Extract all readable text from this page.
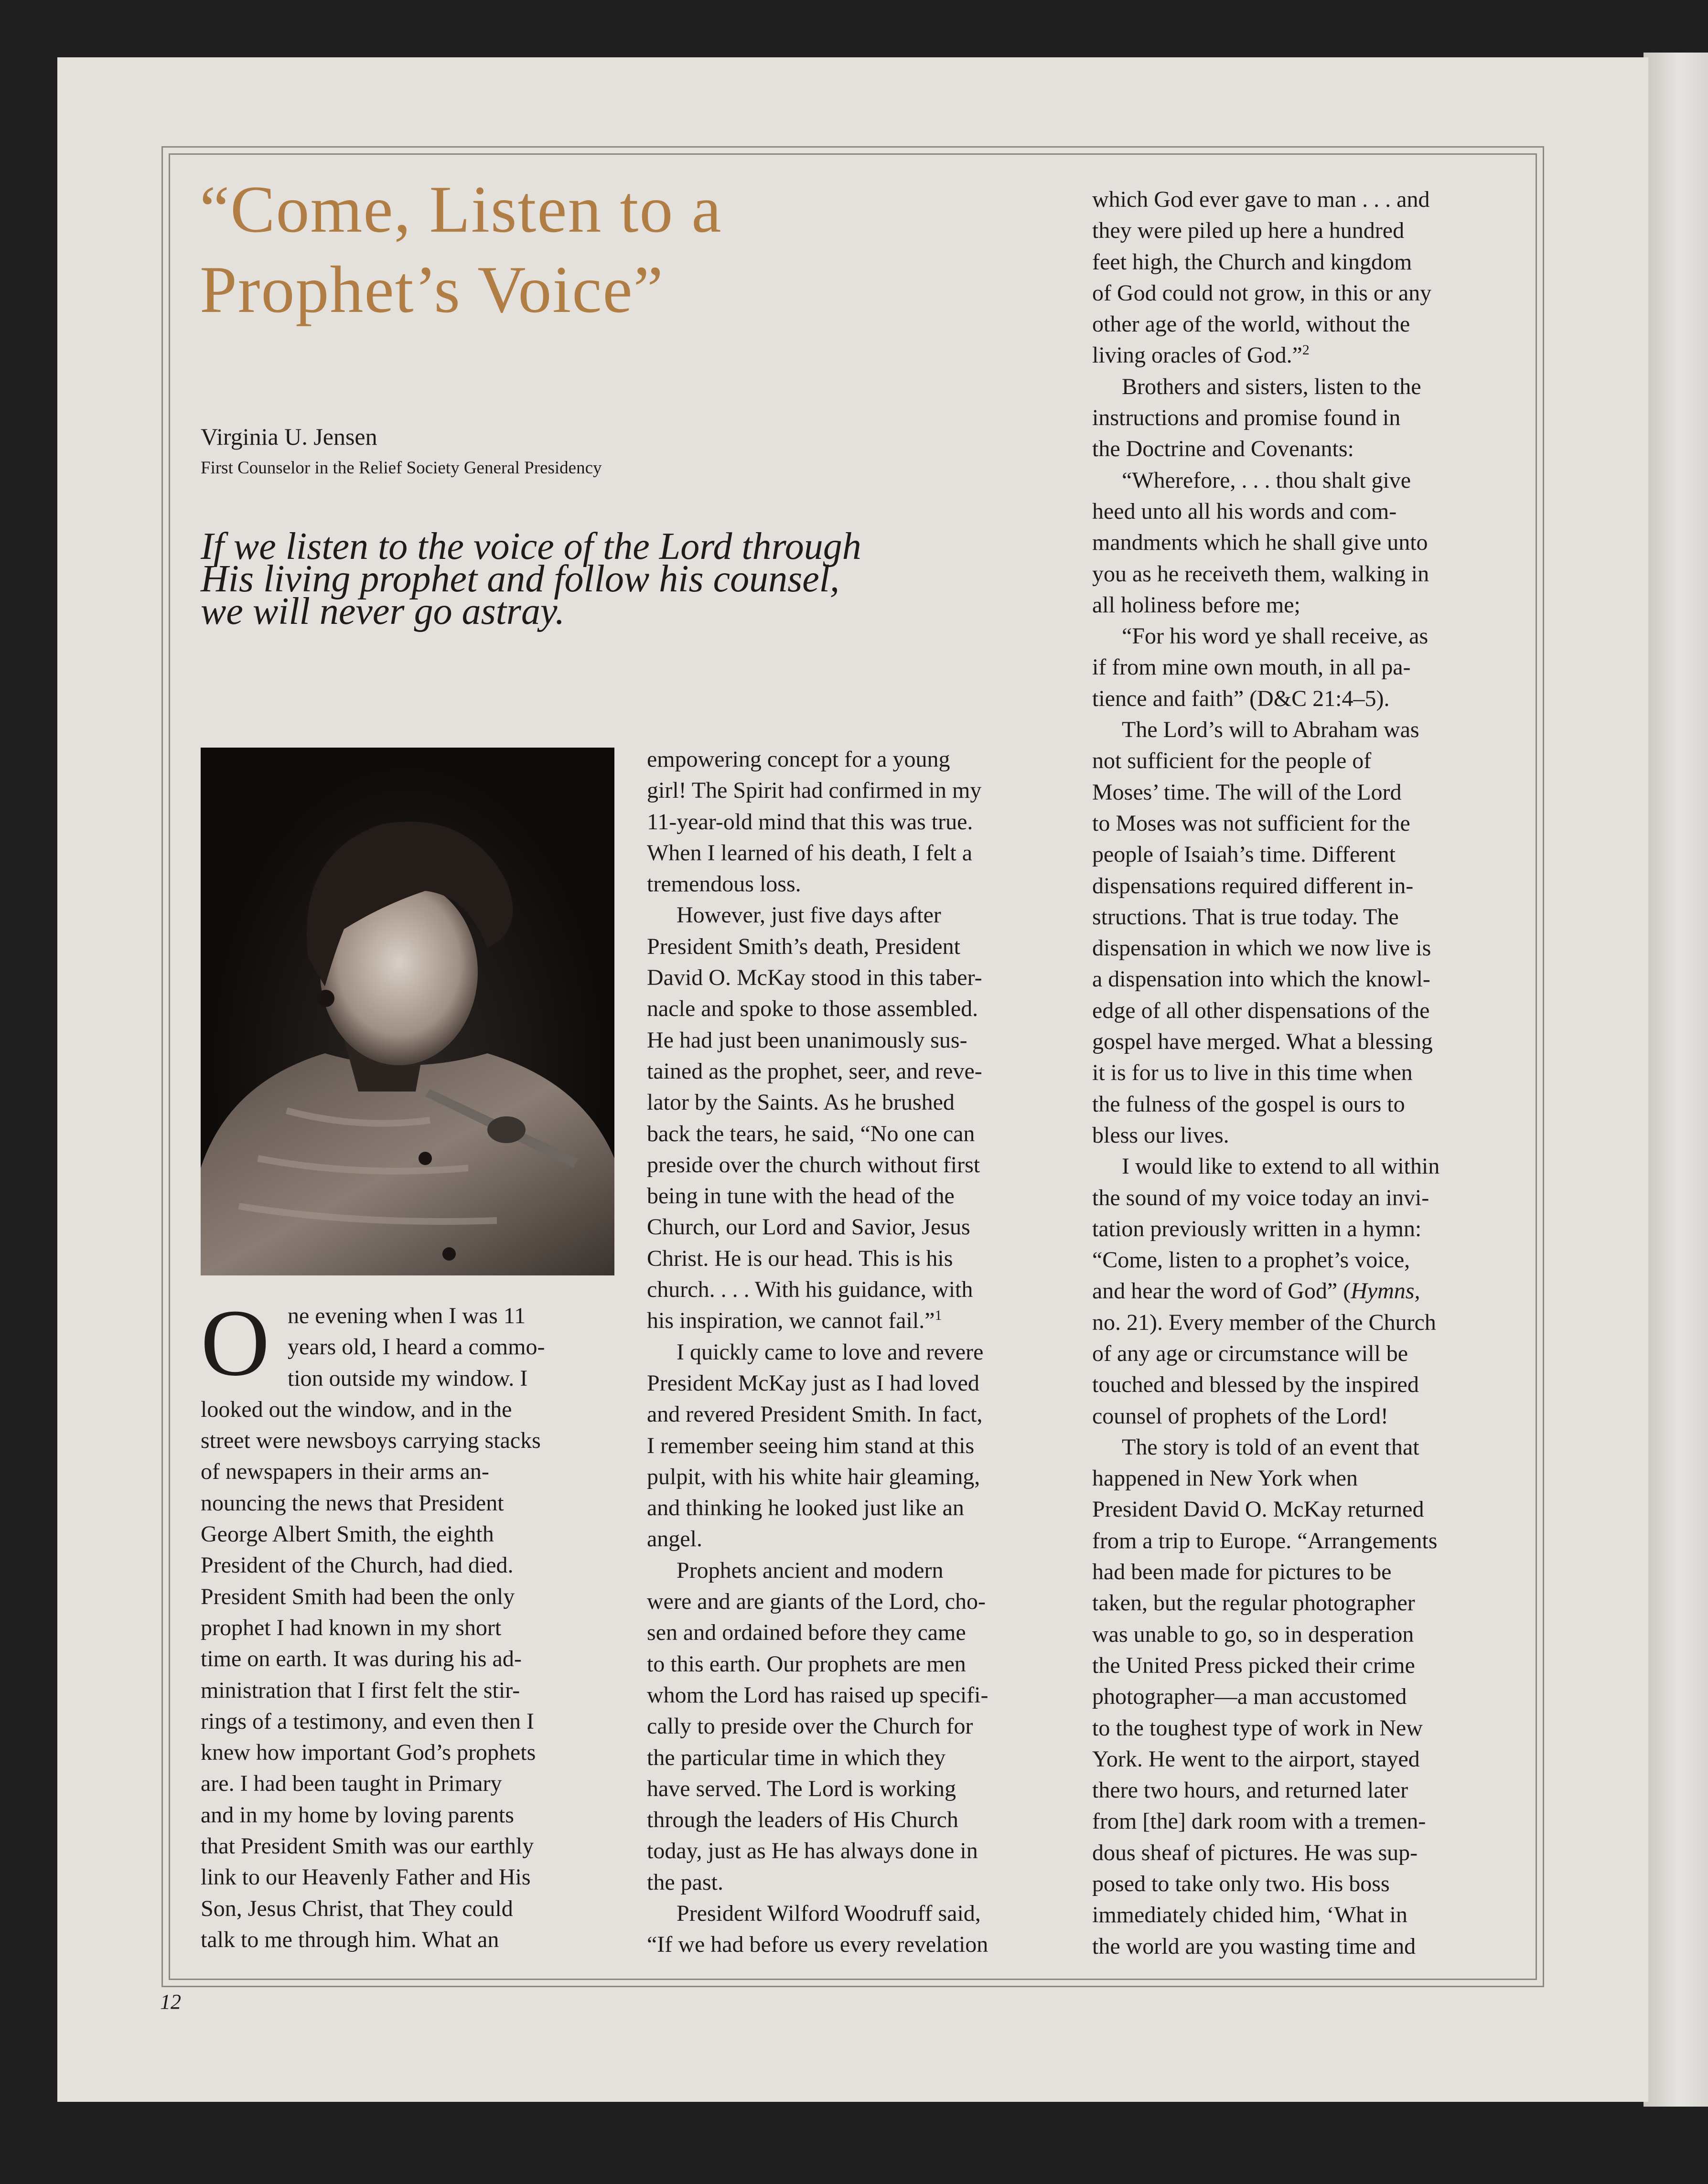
“Come, Listen to a
Prophet’s Voice”
Virginia U. Jensen
First Counselor in the Relief Society General Presidency
If we listen to the voice of the Lord through
His living prophet and follow his counsel,
we will never go astray.
O ne evening when I was 11
years old, I heard a commo-
tion outside my window. I
looked out the window, and in the
street were newsboys carrying stacks
of newspapers in their arms an-
nouncing the news that President
George Albert Smith, the eighth
President of the Church, had died.
President Smith had been the only
prophet I had known in my short
time on earth. It was during his ad-
ministration that I first felt the stir-
rings of a testimony, and even then I
knew how important God’s prophets
are. I had been taught in Primary
and in my home by loving parents
that President Smith was our earthly
link to our Heavenly Father and His
Son, Jesus Christ, that They could
talk to me through him. What an
empowering concept for a young
girl! The Spirit had confirmed in my
11-year-old mind that this was true.
When I learned of his death, I felt a
tremendous loss.
However, just five days after
President Smith’s death, President
David O. McKay stood in this taber-
nacle and spoke to those assembled.
He had just been unanimously sus-
tained as the prophet, seer, and reve-
lator by the Saints. As he brushed
back the tears, he said, “No one can
preside over the church without first
being in tune with the head of the
Church, our Lord and Savior, Jesus
Christ. He is our head. This is his
church. . . . With his guidance, with
his inspiration, we cannot fail.”$^1$
I quickly came to love and revere
President McKay just as I had loved
and revered President Smith. In fact,
I remember seeing him stand at this
pulpit, with his white hair gleaming,
and thinking he looked just like an
angel.
Prophets ancient and modern
were and are giants of the Lord, cho-
sen and ordained before they came
to this earth. Our prophets are men
whom the Lord has raised up specifi-
cally to preside over the Church for
the particular time in which they
have served. The Lord is working
through the leaders of His Church
today, just as He has always done in
the past.
President Wilford Woodruff said,
“If we had before us every revelation
which God ever gave to man . . . and
they were piled up here a hundred
feet high, the Church and kingdom
of God could not grow, in this or any
other age of the world, without the
living oracles of God.”$^2$
Brothers and sisters, listen to the
instructions and promise found in
the Doctrine and Covenants:
“Wherefore, . . . thou shalt give
heed unto all his words and com-
mandments which he shall give unto
you as he receiveth them, walking in
all holiness before me;
“For his word ye shall receive, as
if from mine own mouth, in all pa-
tience and faith” (D&C 21:4–5).
The Lord’s will to Abraham was
not sufficient for the people of
Moses’ time. The will of the Lord
to Moses was not sufficient for the
people of Isaiah’s time. Different
dispensations required different in-
structions. That is true today. The
dispensation in which we now live is
a dispensation into which the knowl-
edge of all other dispensations of the
gospel have merged. What a blessing
it is for us to live in this time when
the fulness of the gospel is ours to
bless our lives.
I would like to extend to all within
the sound of my voice today an invi-
tation previously written in a hymn:
“Come, listen to a prophet’s voice,
and hear the word of God” (Hymns,
no. 21). Every member of the Church
of any age or circumstance will be
touched and blessed by the inspired
counsel of prophets of the Lord!
The story is told of an event that
happened in New York when
President David O. McKay returned
from a trip to Europe. “Arrangements
had been made for pictures to be
taken, but the regular photographer
was unable to go, so in desperation
the United Press picked their crime
photographer—a man accustomed
to the toughest type of work in New
York. He went to the airport, stayed
there two hours, and returned later
from [the] dark room with a tremen-
dous sheaf of pictures. He was sup-
posed to take only two. His boss
immediately chided him, ‘What in
the world are you wasting time and
12
